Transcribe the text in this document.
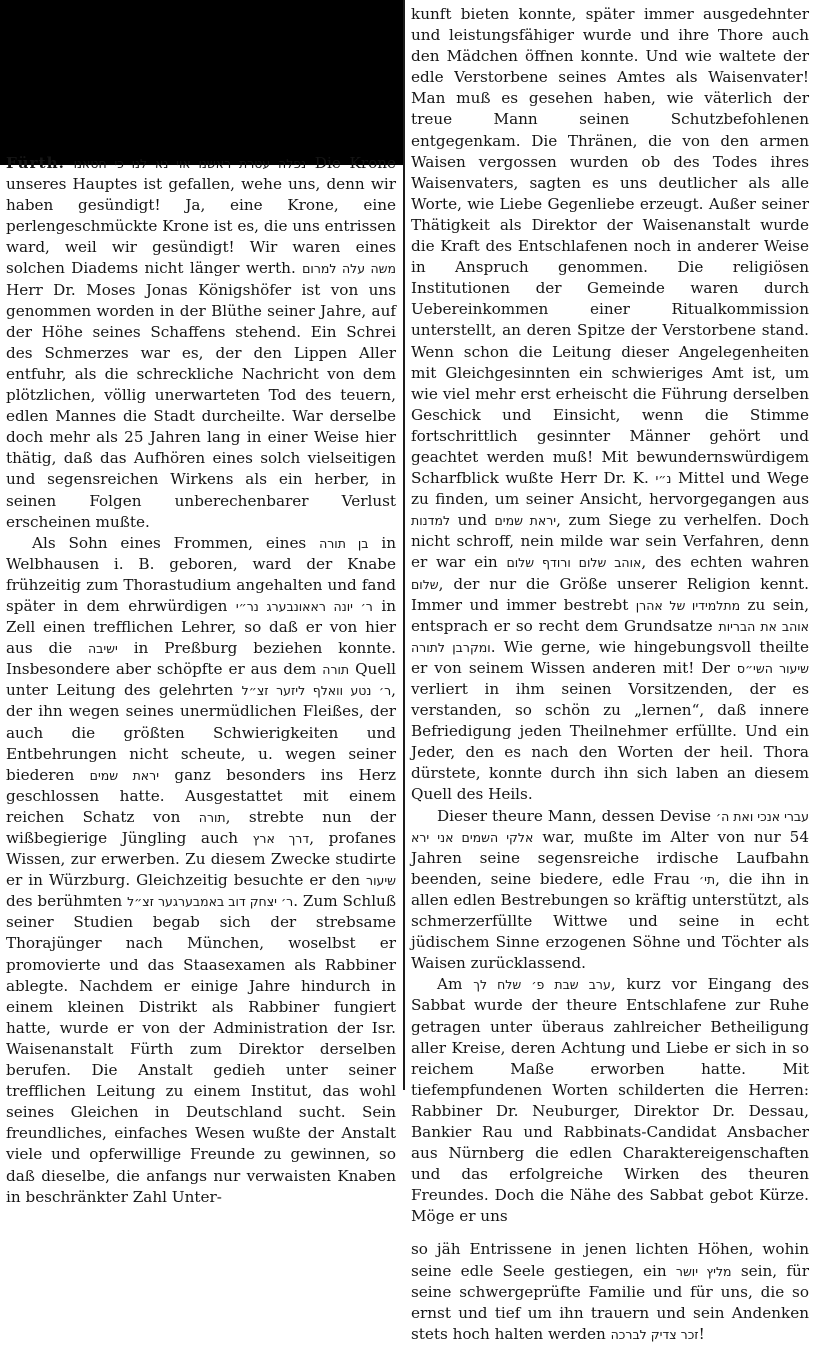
Fürth. נפלה עטרת ראשנו אוי נא לנו כי חטאנו Die Krone unseres Hauptes ist gefallen, wehe uns, denn wir haben gesündigt! Ja, eine Krone, eine perlengeschmückte Krone ist es, die uns entrissen ward, weil wir gesündigt! Wir waren eines solchen Diadems nicht länger werth. משה עלה למרום Herr Dr. Moses Jonas Königshöfer ist von uns genommen worden in der Blüthe seiner Jahre, auf der Höhe seines Schaffens stehend. Ein Schrei des Schmerzes war es, der den Lippen Aller entfuhr, als die schreckliche Nachricht von dem plötzlichen, völlig unerwarteten Tod des teuern, edlen Mannes die Stadt durcheilte. War derselbe doch mehr als 25 Jahren lang in einer Weise hier thätig, daß das Aufhören eines solch vielseitigen und segensreichen Wirkens als ein herber, in seinen Folgen unberechenbarer Verlust erscheinen mußte.

Als Sohn eines Frommen, eines בן תורה in Welbhausen i. B. geboren, ward der Knabe frühzeitig zum Thorastudium angehalten und fand später in dem ehrwürdigen ר׳ יונה ראאונבערג נר״י in Zell einen trefflichen Lehrer, so daß er von hier aus die ישיבה in Preßburg beziehen konnte. Insbesondere aber schöpfte er aus dem תורה Quell unter Leitung des gelehrten ר׳ נטע וואלף ליזער זצ״ל, der ihn wegen seines unermüdlichen Fleißes, der auch die größten Schwierigkeiten und Entbehrungen nicht scheute, u. wegen seiner biederen יראת שמים ganz besonders ins Herz geschlossen hatte. Ausgestattet mit einem reichen Schatz von תורה, strebte nun der wißbegierige Jüngling auch דרך ארץ, profanes Wissen, zur erwerben. Zu diesem Zwecke studirte er in Würzburg. Gleichzeitig besuchte er den שיעור des berühmten ר׳ יצחק דוב באמבערגער זצ״ל. Zum Schluß seiner Studien begab sich der strebsame Thorajünger nach München, woselbst er promovierte und das Staasexamen als Rabbiner ablegte. Nachdem er einige Jahre hindurch in einem kleinen Distrikt als Rabbiner fungiert hatte, wurde er von der Administration der Isr. Waisenanstalt Fürth zum Direktor derselben berufen. Die Anstalt gedieh unter seiner trefflichen Leitung zu einem Institut, das wohl seines Gleichen in Deutschland sucht. Sein freundliches, einfaches Wesen wußte der Anstalt viele und opferwillige Freunde zu gewinnen, so daß dieselbe, die anfangs nur verwaisten Knaben in beschränkter Zahl Unter-

kunft bieten konnte, später immer ausgedehnter und leistungsfähiger wurde und ihre Thore auch den Mädchen öffnen konnte. Und wie waltete der edle Verstorbene seines Amtes als Waisenvater! Man muß es gesehen haben, wie väterlich der treue Mann seinen Schutzbefohlenen entgegenkam. Die Thränen, die von den armen Waisen vergossen wurden ob des Todes ihres Waisenvaters, sagten es uns deutlicher als alle Worte, wie Liebe Gegenliebe erzeugt. Außer seiner Thätigkeit als Direktor der Waisenanstalt wurde die Kraft des Entschlafenen noch in anderer Weise in Anspruch genommen. Die religiösen Institutionen der Gemeinde waren durch Uebereinkommen einer Ritualkommission unterstellt, an deren Spitze der Verstorbene stand. Wenn schon die Leitung dieser Angelegenheiten mit Gleichgesinnten ein schwieriges Amt ist, um wie viel mehr erst erheischt die Führung derselben Geschick und Einsicht, wenn die Stimme fortschrittlich gesinnter Männer gehört und geachtet werden muß! Mit bewundernswürdigem Scharfblick wußte Herr Dr. K. נ״י Mittel und Wege zu finden, um seiner Ansicht, hervorgegangen aus למדנות und יראת שמים, zum Siege zu verhelfen. Doch nicht schroff, nein milde war sein Verfahren, denn er war ein אוהב שלום ורודף שלום, des echten wahren שלום, der nur die Größe unserer Religion kennt. Immer und immer bestrebt מתלמידיו של אהרן zu sein, entsprach er so recht dem Grundsatze אוהב את הבריות ומקרבן לתורה. Wie gerne, wie hingebungsvoll theilte er von seinem Wissen anderen mit! Der שיעור השי״ס verliert in ihm seinen Vorsitzenden, der es verstanden, so schön zu „lernen“, daß innere Befriedigung jeden Theilnehmer erfüllte. Und ein Jeder, den es nach den Worten der heil. Thora dürstete, konnte durch ihn sich laben an diesem Quell des Heils.

Dieser theure Mann, dessen Devise עברי אנכי ואת ה׳ אלקי השמים אני ירא war, mußte im Alter von nur 54 Jahren seine segensreiche irdische Laufbahn beenden, seine biedere, edle Frau תי׳, die ihn in allen edlen Bestrebungen so kräftig unterstützt, als schmerzerfüllte Wittwe und seine in echt jüdischem Sinne erzogenen Söhne und Töchter als Waisen zurücklassend.

Am ערב שבת פ׳ שלח לך, kurz vor Eingang des Sabbat wurde der theure Entschlafene zur Ruhe getragen unter überaus zahlreicher Betheiligung aller Kreise, deren Achtung und Liebe er sich in so reichem Maße erworben hatte. Mit tiefempfundenen Worten schilderten die Herren: Rabbiner Dr. Neuburger, Direktor Dr. Dessau, Bankier Rau und Rabbinats-Candidat Ansbacher aus Nürnberg die edlen Charaktereigenschaften und das erfolgreiche Wirken des theuren Freundes. Doch die Nähe des Sabbat gebot Kürze. Möge er uns

so jäh Entrissene in jenen lichten Höhen, wohin seine edle Seele gestiegen, ein מליץ יושר sein, für seine schwergeprüfte Familie und für uns, die so ernst und tief um ihn trauern und sein Andenken stets hoch halten werden זכר צדיק לברכה!
